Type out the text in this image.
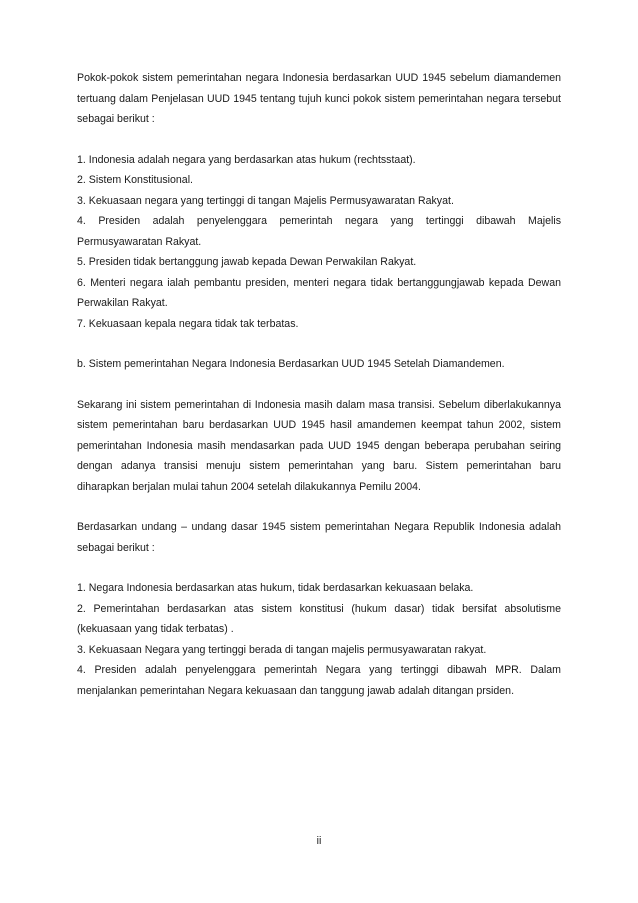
Pokok-pokok sistem pemerintahan negara Indonesia berdasarkan UUD 1945 sebelum diamandemen tertuang dalam Penjelasan UUD 1945 tentang tujuh kunci pokok sistem pemerintahan negara tersebut sebagai berikut :

1. Indonesia adalah negara yang berdasarkan atas hukum (rechtsstaat).

2. Sistem Konstitusional.

3. Kekuasaan negara yang tertinggi di tangan Majelis Permusyawaratan Rakyat.

4. Presiden adalah penyelenggara pemerintah negara yang tertinggi dibawah Majelis Permusyawaratan Rakyat.

5. Presiden tidak bertanggung jawab kepada Dewan Perwakilan Rakyat.

6. Menteri negara ialah pembantu presiden, menteri negara tidak bertanggungjawab kepada Dewan Perwakilan Rakyat.

7. Kekuasaan kepala negara tidak tak terbatas.

b. Sistem pemerintahan Negara Indonesia Berdasarkan UUD 1945 Setelah Diamandemen.

Sekarang ini sistem pemerintahan di Indonesia masih dalam masa transisi. Sebelum diberlakukannya sistem pemerintahan baru berdasarkan UUD 1945 hasil amandemen keempat tahun 2002, sistem pemerintahan Indonesia masih mendasarkan pada UUD 1945 dengan beberapa perubahan seiring dengan adanya transisi menuju sistem pemerintahan yang baru. Sistem pemerintahan baru diharapkan berjalan mulai tahun 2004 setelah dilakukannya Pemilu 2004.

Berdasarkan undang – undang dasar 1945 sistem pemerintahan Negara Republik Indonesia adalah sebagai berikut :

1. Negara Indonesia berdasarkan atas hukum, tidak berdasarkan kekuasaan belaka.

2. Pemerintahan berdasarkan atas sistem konstitusi (hukum dasar) tidak bersifat absolutisme (kekuasaan yang tidak terbatas) .

3. Kekuasaan Negara yang tertinggi berada di tangan majelis permusyawaratan rakyat.

4. Presiden adalah penyelenggara pemerintah Negara yang tertinggi dibawah MPR. Dalam menjalankan pemerintahan Negara kekuasaan dan tanggung jawab adalah ditangan prsiden.

ii
